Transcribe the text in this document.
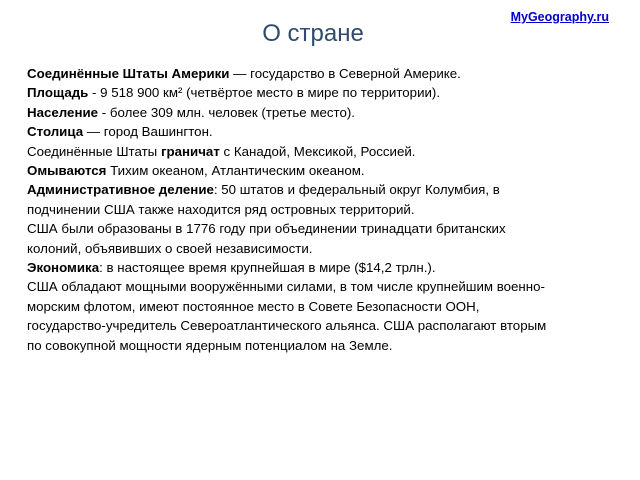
MyGeography.ru
О стране
Соединённые Штаты Америки — государство в Северной Америке.
Площадь - 9 518 900 км² (четвёртое место в мире по территории).
Население - более 309 млн. человек (третье место).
Столица — город Вашингтон.
Соединённые Штаты граничат с Канадой, Мексикой, Россией.
Омываются Тихим океаном, Атлантическим океаном.
Административное деление: 50 штатов и федеральный округ Колумбия, в
подчинении США также находится ряд островных территорий.
США были образованы в 1776 году при объединении тринадцати британских
колоний, объявивших о своей независимости.
Экономика: в настоящее время крупнейшая в мире ($14,2 трлн.).
США обладают мощными вооружёнными силами, в том числе крупнейшим военно-
морским флотом, имеют постоянное место в Совете Безопасности ООН,
государство-учредитель Североатлантического альянса. США располагают вторым
по совокупной мощности ядерным потенциалом на Земле.
